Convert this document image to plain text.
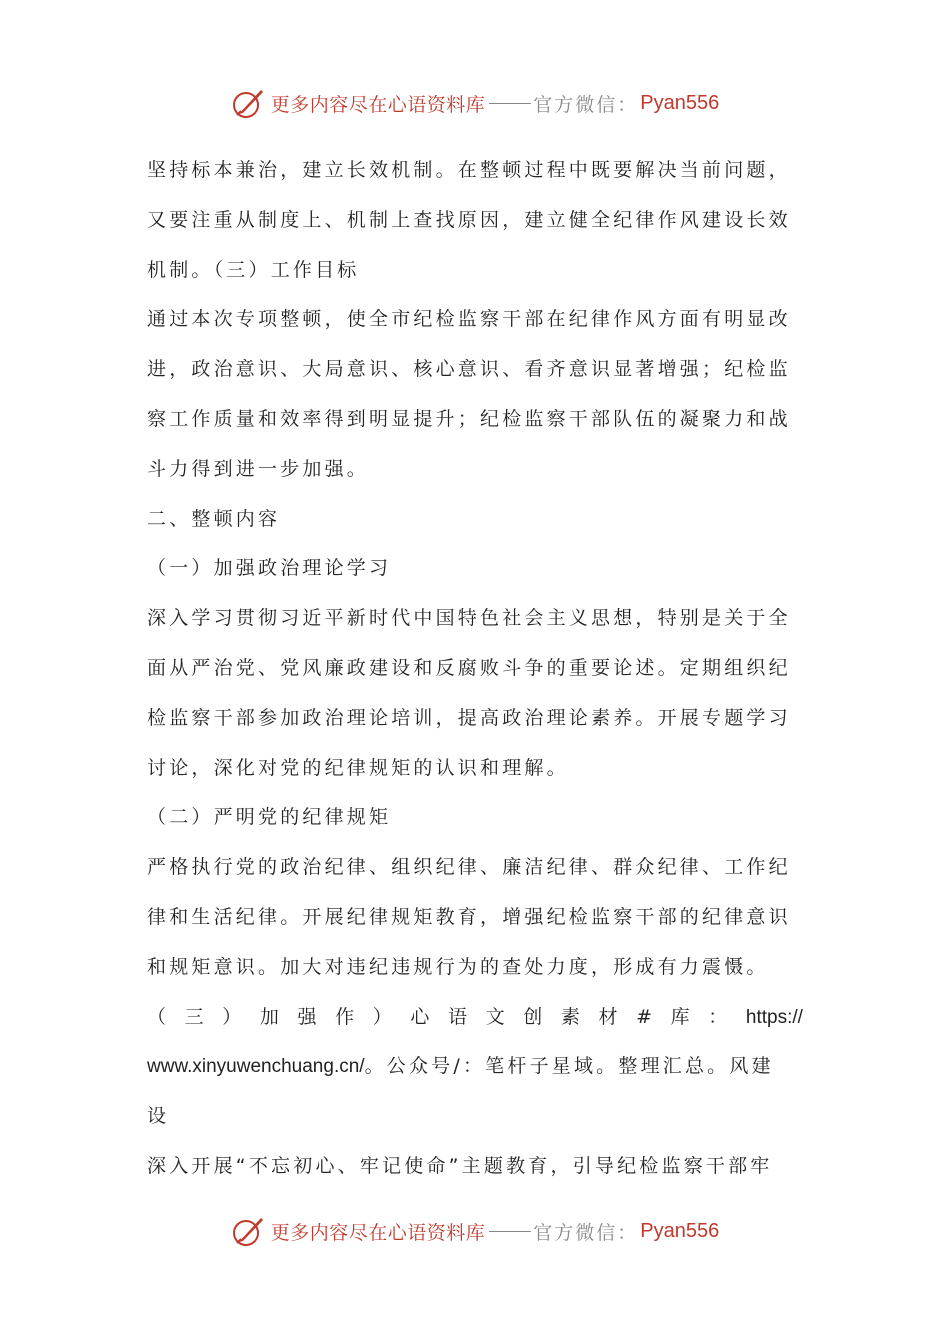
更多内容尽在心语资料库	官方微信： Pyan556
坚持标本兼治，建立长效机制。在整顿过程中既要解决当前问题，
又要注重从制度上、机制上查找原因，建立健全纪律作风建设长效
机制。（三）工作目标
通过本次专项整顿，使全市纪检监察干部在纪律作风方面有明显改
进，政治意识、大局意识、核心意识、看齐意识显著增强；纪检监
察工作质量和效率得到明显提升；纪检监察干部队伍的凝聚力和战
斗力得到进一步加强。
二、整顿内容
（一）加强政治理论学习
深入学习贯彻习近平新时代中国特色社会主义思想，特别是关于全
面从严治党、党风廉政建设和反腐败斗争的重要论述。定期组织纪
检监察干部参加政治理论培训，提高政治理论素养。开展专题学习
讨论，深化对党的纪律规矩的认识和理解。
（二）严明党的纪律规矩
严格执行党的政治纪律、组织纪律、廉洁纪律、群众纪律、工作纪
律和生活纪律。开展纪律规矩教育，增强纪检监察干部的纪律意识
和规矩意识。加大对违纪违规行为的查处力度，形成有力震慑。
（ 三 ） 加 强 作 ） 心 语 文 创 素 材 # 库 ： https://
www.xinyuwenchuang.cn/。公众号/：笔杆子星域。整理汇总。风建
设
深入开展“不忘初心、牢记使命”主题教育，引导纪检监察干部牢
更多内容尽在心语资料库	官方微信： Pyan556
